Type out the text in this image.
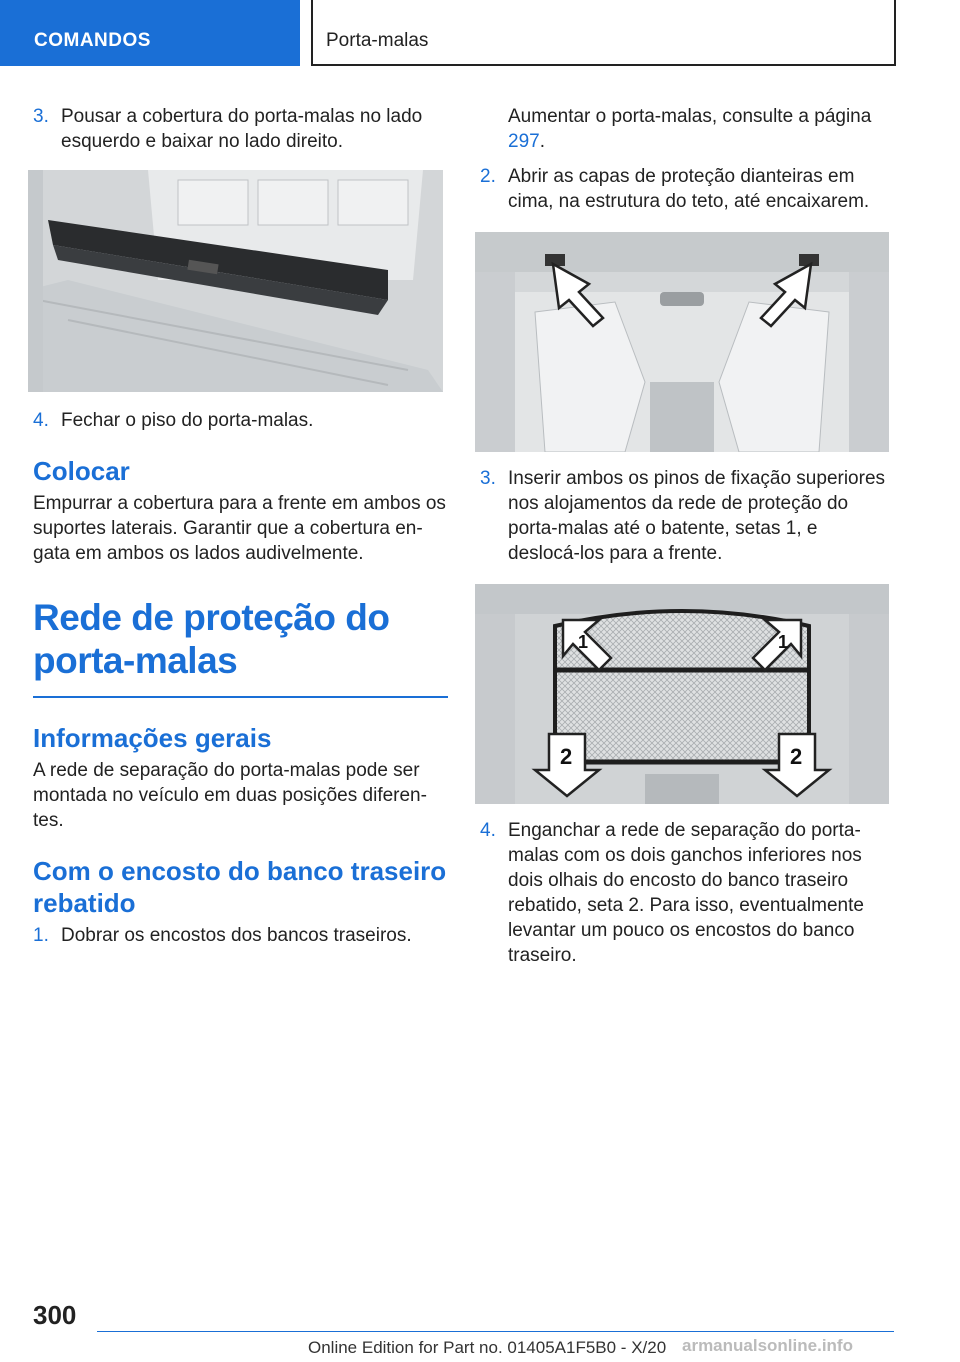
COMANDOS	Porta-malas
3. Pousar a cobertura do porta-malas no lado esquerdo e baixar no lado direito.
4. Fechar o piso do porta-malas.
Colocar
Empurrar a cobertura para a frente em ambos os suportes laterais. Garantir que a cobertura engata em ambos os lados audivelmente.
Rede de proteção do porta-malas
Informações gerais
A rede de separação do porta-malas pode ser montada no veículo em duas posições diferentes.
Com o encosto do banco traseiro rebatido
1. Dobrar os encostos dos bancos traseiros.
Aumentar o porta-malas, consulte a página 297.
2. Abrir as capas de proteção dianteiras em cima, na estrutura do teto, até encaixarem.
3. Inserir ambos os pinos de fixação superiores nos alojamentos da rede de proteção do porta-malas até o batente, setas 1, e deslocá-los para a frente.
1	1
2	2
4. Enganchar a rede de separação do porta-malas com os dois ganchos inferiores nos dois olhais do encosto do banco traseiro rebatido, seta 2. Para isso, eventualmente levantar um pouco os encostos do banco traseiro.
300
Online Edition for Part no. 01405A1F5B0 - X/20 armanualsonline.info
